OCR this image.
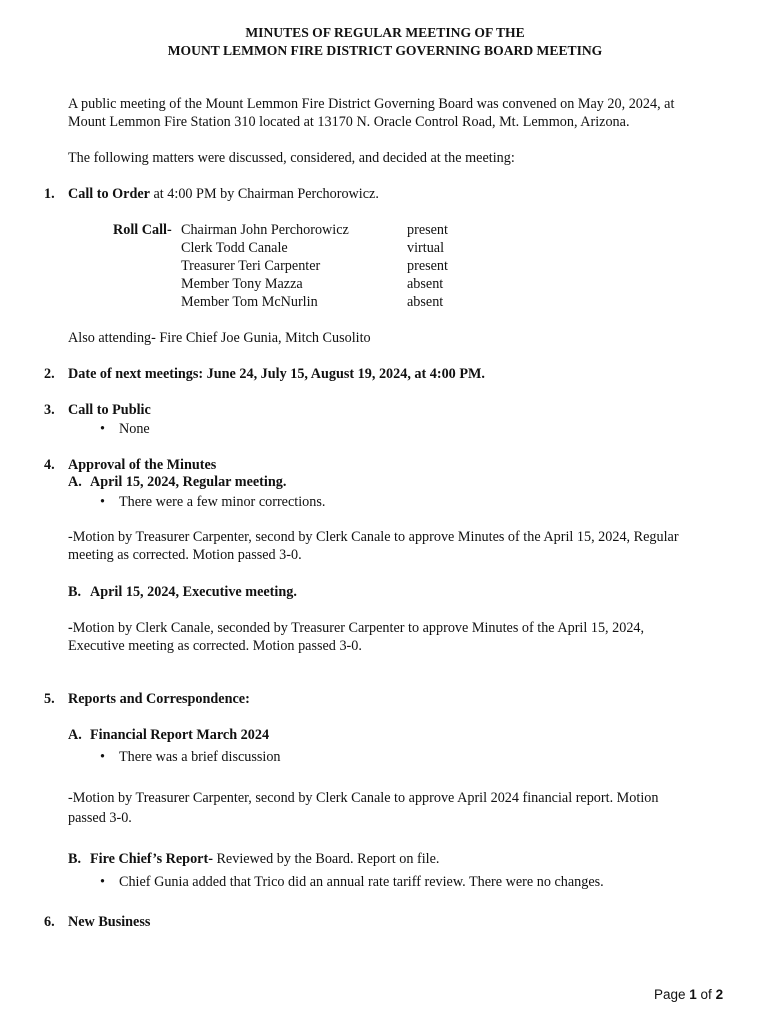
MINUTES OF REGULAR MEETING OF THE

MOUNT LEMMON FIRE DISTRICT GOVERNING BOARD MEETING

A public meeting of the Mount Lemmon Fire District Governing Board was convened on May 20, 2024, at

Mount Lemmon Fire Station 310 located at 13170 N. Oracle Control Road, Mt. Lemmon, Arizona.

The following matters were discussed, considered, and decided at the meeting:

1. Call to Order at 4:00 PM by Chairman Perchorowicz.

Roll Call- Chairman John Perchorowicz	present
Clerk Todd Canale	virtual
Treasurer Teri Carpenter	present
Member Tony Mazza	absent
Member Tom McNurlin	absent

Also attending- Fire Chief Joe Gunia, Mitch Cusolito

2. Date of next meetings: June 24, July 15, August 19, 2024, at 4:00 PM.

3. Call to Public

• None
4. Approval of the Minutes

A. April 15, 2024, Regular meeting.
• There were a few minor corrections.

-Motion by Treasurer Carpenter, second by Clerk Canale to approve Minutes of the April 15, 2024, Regular

meeting as corrected. Motion passed 3-0.

B. April 15, 2024, Executive meeting.

-Motion by Clerk Canale, seconded by Treasurer Carpenter to approve Minutes of the April 15, 2024,

Executive meeting as corrected. Motion passed 3-0.

5. Reports and Correspondence:

A. Financial Report March 2024
• There was a brief discussion

-Motion by Treasurer Carpenter, second by Clerk Canale to approve April 2024 financial report. Motion

passed 3-0.

B. Fire Chief’s Report- Reviewed by the Board. Report on file.

• Chief Gunia added that Trico did an annual rate tariff review. There were no changes.
6. New Business

Page 1 of 2
